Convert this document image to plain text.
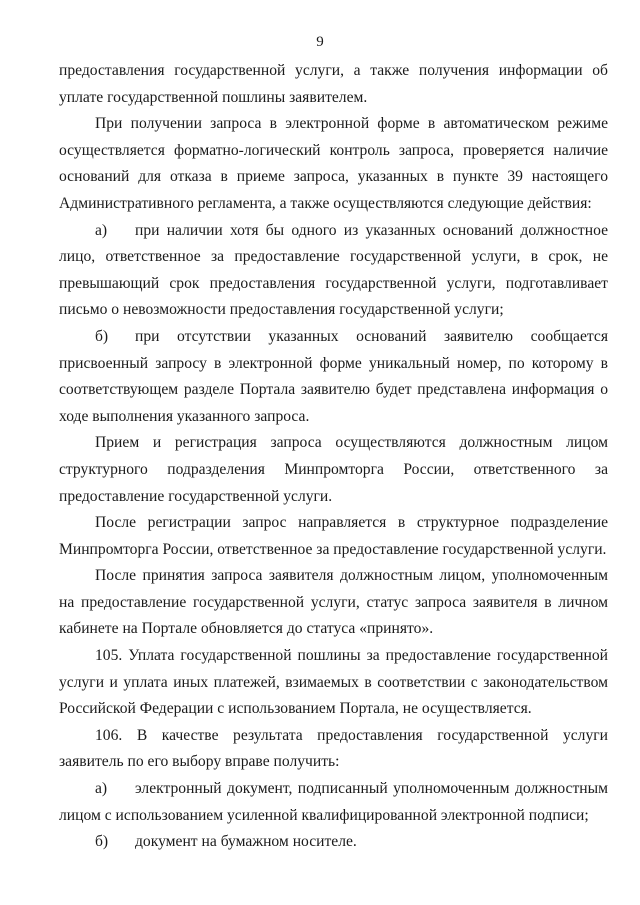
9

предоставления государственной услуги, а также получения информации об уплате государственной пошлины заявителем.

При получении запроса в электронной форме в автоматическом режиме осуществляется форматно-логический контроль запроса, проверяется наличие оснований для отказа в приеме запроса, указанных в пункте 39 настоящего Административного регламента, а также осуществляются следующие действия:

а) при наличии хотя бы одного из указанных оснований должностное лицо, ответственное за предоставление государственной услуги, в срок, не превышающий срок предоставления государственной услуги, подготавливает письмо о невозможности предоставления государственной услуги;

б) при отсутствии указанных оснований заявителю сообщается присвоенный запросу в электронной форме уникальный номер, по которому в соответствующем разделе Портала заявителю будет представлена информация о ходе выполнения указанного запроса.

Прием и регистрация запроса осуществляются должностным лицом структурного подразделения Минпромторга России, ответственного за предоставление государственной услуги.

После регистрации запрос направляется в структурное подразделение Минпромторга России, ответственное за предоставление государственной услуги.

После принятия запроса заявителя должностным лицом, уполномоченным на предоставление государственной услуги, статус запроса заявителя в личном кабинете на Портале обновляется до статуса «принято».

105. Уплата государственной пошлины за предоставление государственной услуги и уплата иных платежей, взимаемых в соответствии с законодательством Российской Федерации с использованием Портала, не осуществляется.

106. В качестве результата предоставления государственной услуги заявитель по его выбору вправе получить:

а) электронный документ, подписанный уполномоченным должностным лицом с использованием усиленной квалифицированной электронной подписи;

б) документ на бумажном носителе.
